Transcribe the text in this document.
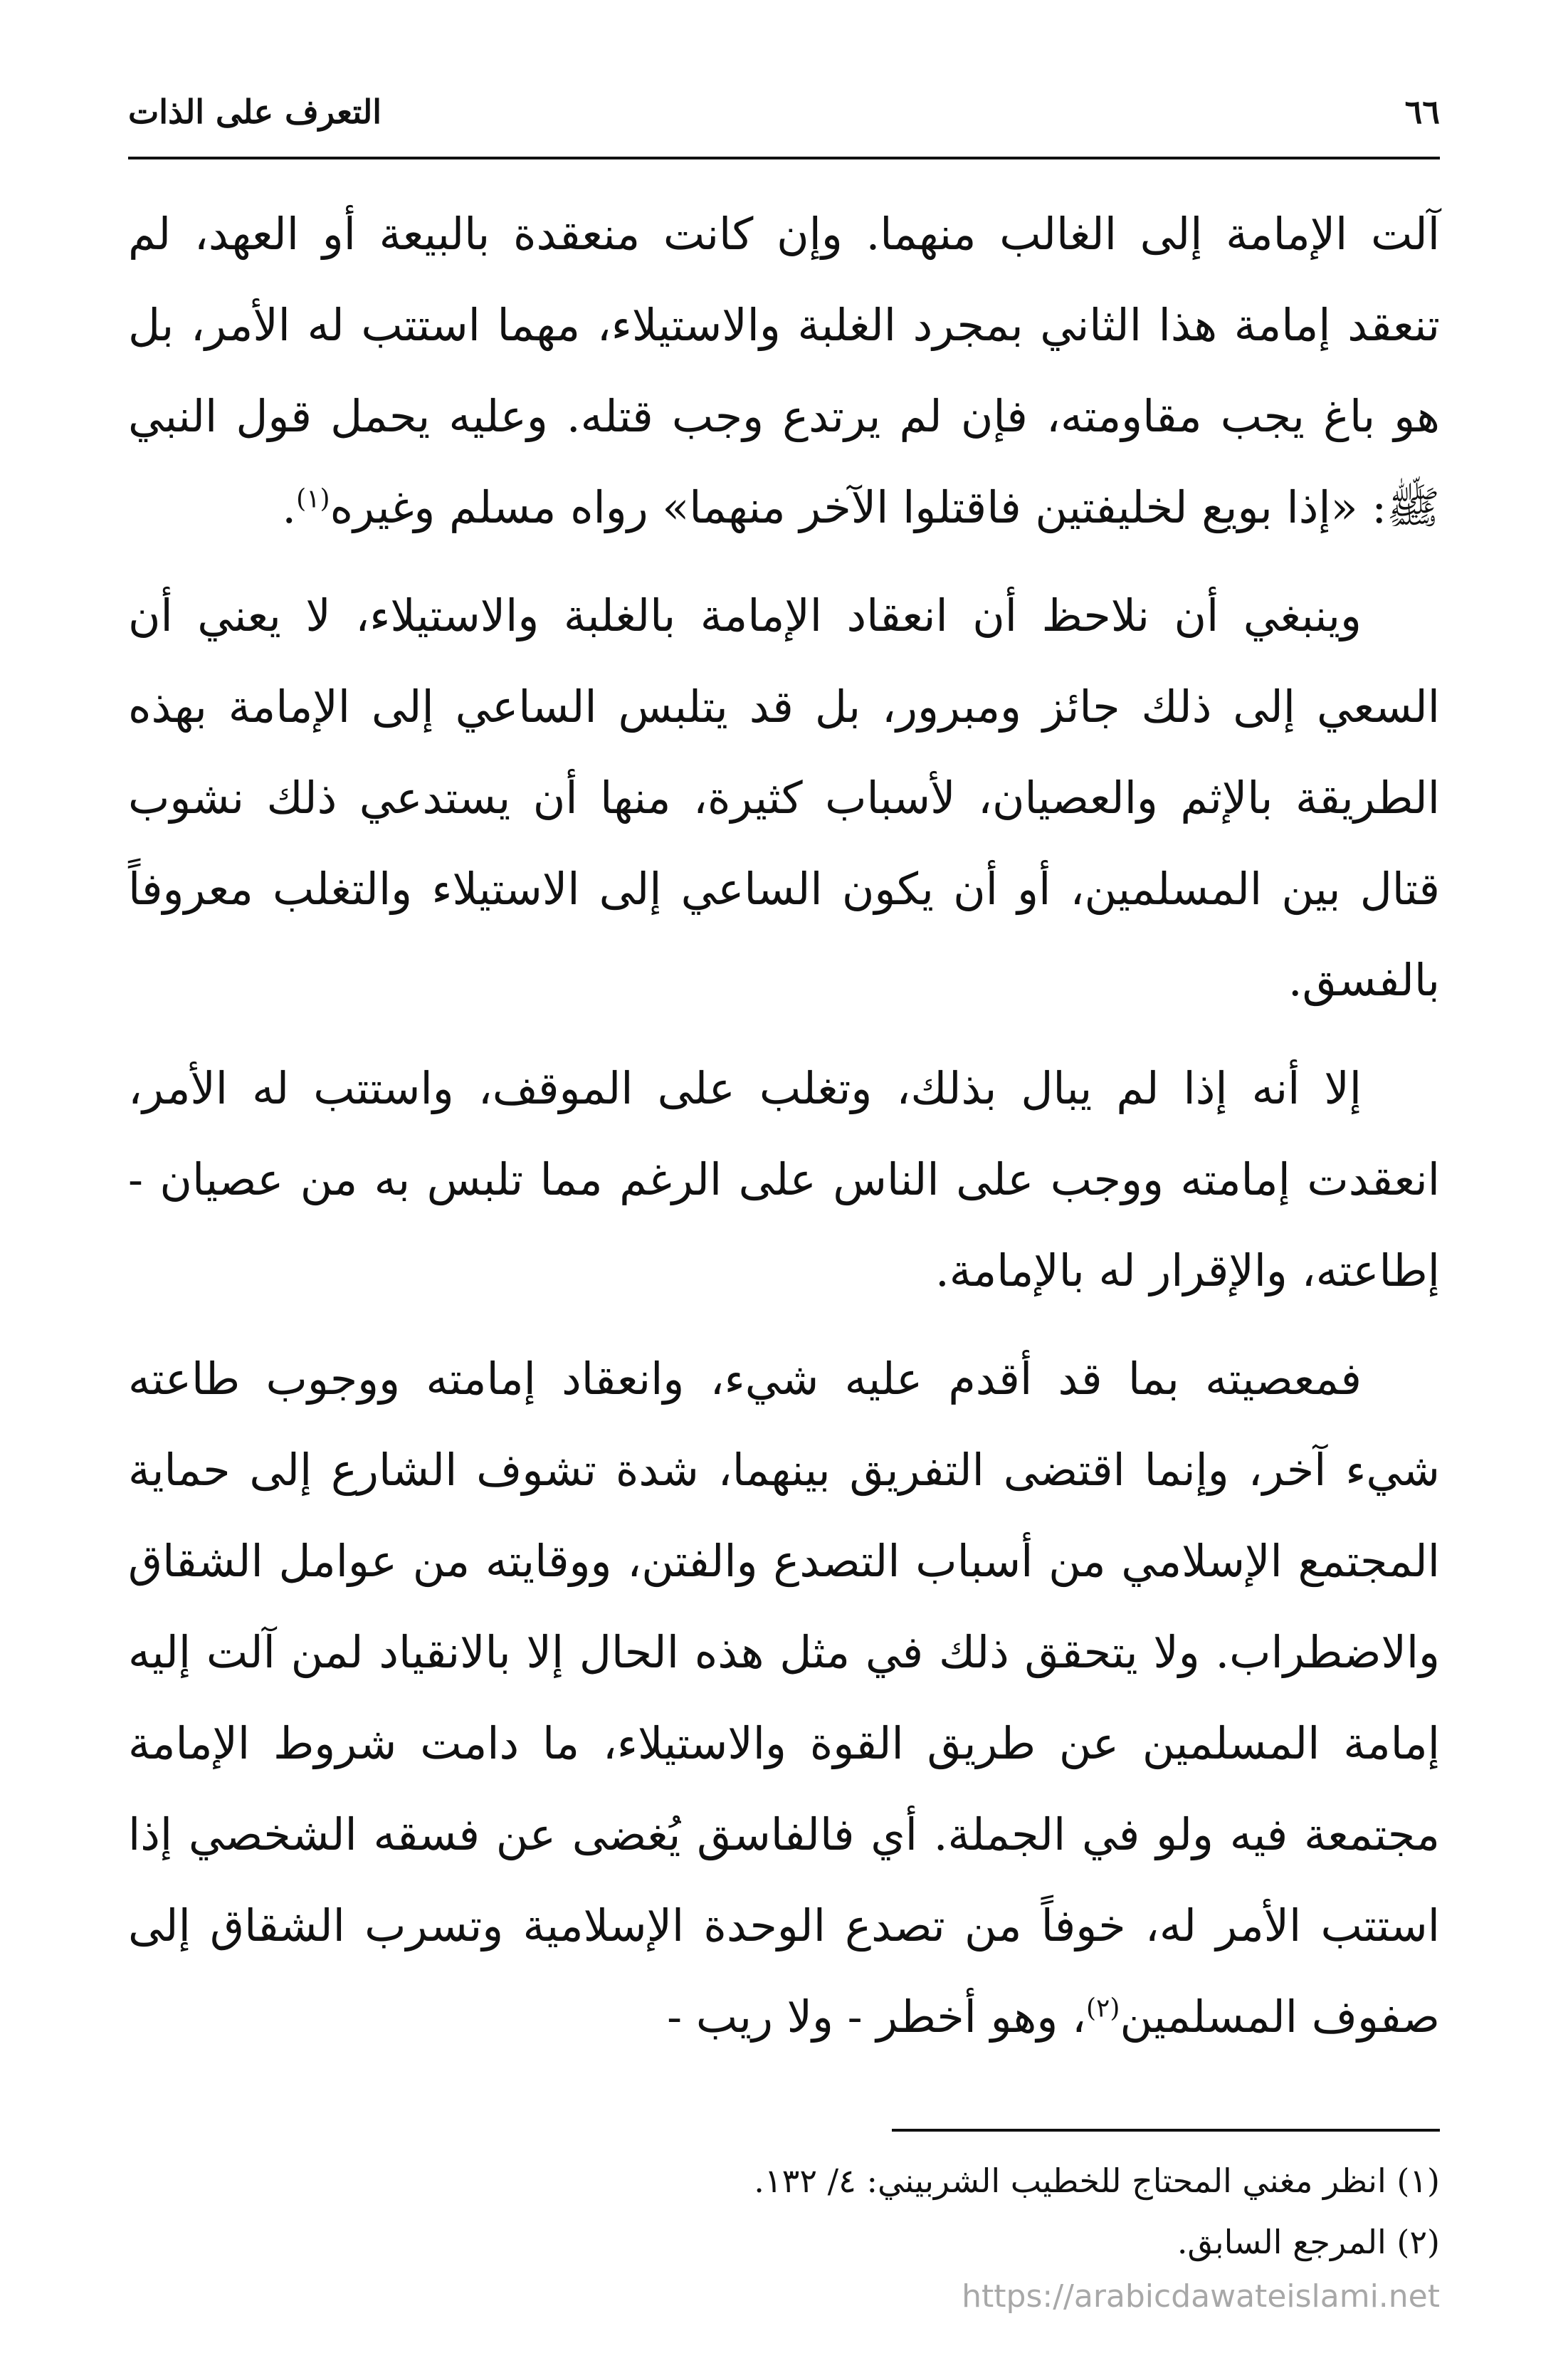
٦٦
التعرف على الذات

آلت الإمامة إلى الغالب منهما. وإن كانت منعقدة بالبيعة أو العهد، لم تنعقد إمامة هذا الثاني بمجرد الغلبة والاستيلاء، مهما استتب له الأمر، بل هو باغ يجب مقاومته، فإن لم يرتدع وجب قتله. وعليه يحمل قول النبي ﷺ: «إذا بويع لخليفتين فاقتلوا الآخر منهما» رواه مسلم وغيره$^{(١)}$.

وينبغي أن نلاحظ أن انعقاد الإمامة بالغلبة والاستيلاء، لا يعني أن السعي إلى ذلك جائز ومبرور، بل قد يتلبس الساعي إلى الإمامة بهذه الطريقة بالإثم والعصيان، لأسباب كثيرة، منها أن يستدعي ذلك نشوب قتال بين المسلمين، أو أن يكون الساعي إلى الاستيلاء والتغلب معروفاً بالفسق.

إلا أنه إذا لم يبال بذلك، وتغلب على الموقف، واستتب له الأمر، انعقدت إمامته ووجب على الناس على الرغم مما تلبس به من عصيان - إطاعته، والإقرار له بالإمامة.

فمعصيته بما قد أقدم عليه شيء، وانعقاد إمامته ووجوب طاعته شيء آخر، وإنما اقتضى التفريق بينهما، شدة تشوف الشارع إلى حماية المجتمع الإسلامي من أسباب التصدع والفتن، ووقايته من عوامل الشقاق والاضطراب. ولا يتحقق ذلك في مثل هذه الحال إلا بالانقياد لمن آلت إليه إمامة المسلمين عن طريق القوة والاستيلاء، ما دامت شروط الإمامة مجتمعة فيه ولو في الجملة. أي فالفاسق يُغضى عن فسقه الشخصي إذا استتب الأمر له، خوفاً من تصدع الوحدة الإسلامية وتسرب الشقاق إلى صفوف المسلمين$^{(٢)}$، وهو أخطر - ولا ريب -

(١) انظر مغني المحتاج للخطيب الشربيني: ٤/ ١٣٢.

(٢) المرجع السابق.

https://arabicdawateislami.net
